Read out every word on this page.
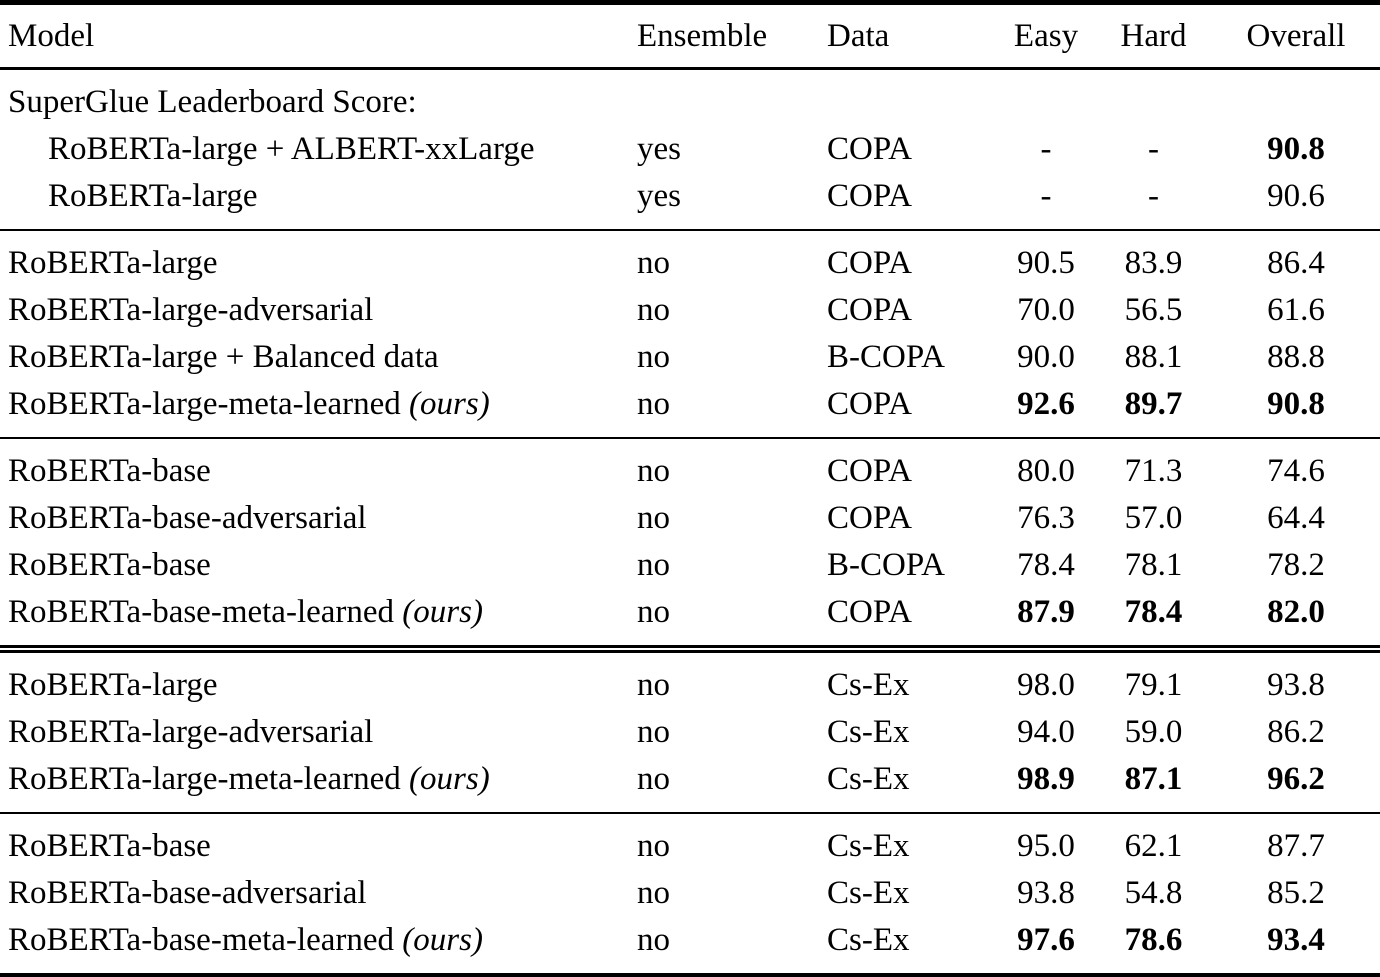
Model	Ensemble	Data	Easy	Hard	Overall
SuperGlue Leaderboard Score:					
RoBERTa-large + ALBERT-xxLarge	yes	COPA	-	-	90.8
RoBERTa-large	yes	COPA	-	-	90.6
RoBERTa-large	no	COPA	90.5	83.9	86.4
RoBERTa-large-adversarial	no	COPA	70.0	56.5	61.6
RoBERTa-large + Balanced data	no	B-COPA	90.0	88.1	88.8
RoBERTa-large-meta-learned (ours)	no	COPA	92.6	89.7	90.8
RoBERTa-base	no	COPA	80.0	71.3	74.6
RoBERTa-base-adversarial	no	COPA	76.3	57.0	64.4
RoBERTa-base	no	B-COPA	78.4	78.1	78.2
RoBERTa-base-meta-learned (ours)	no	COPA	87.9	78.4	82.0
RoBERTa-large	no	Cs-Ex	98.0	79.1	93.8
RoBERTa-large-adversarial	no	Cs-Ex	94.0	59.0	86.2
RoBERTa-large-meta-learned (ours)	no	Cs-Ex	98.9	87.1	96.2
RoBERTa-base	no	Cs-Ex	95.0	62.1	87.7
RoBERTa-base-adversarial	no	Cs-Ex	93.8	54.8	85.2
RoBERTa-base-meta-learned (ours)	no	Cs-Ex	97.6	78.6	93.4
